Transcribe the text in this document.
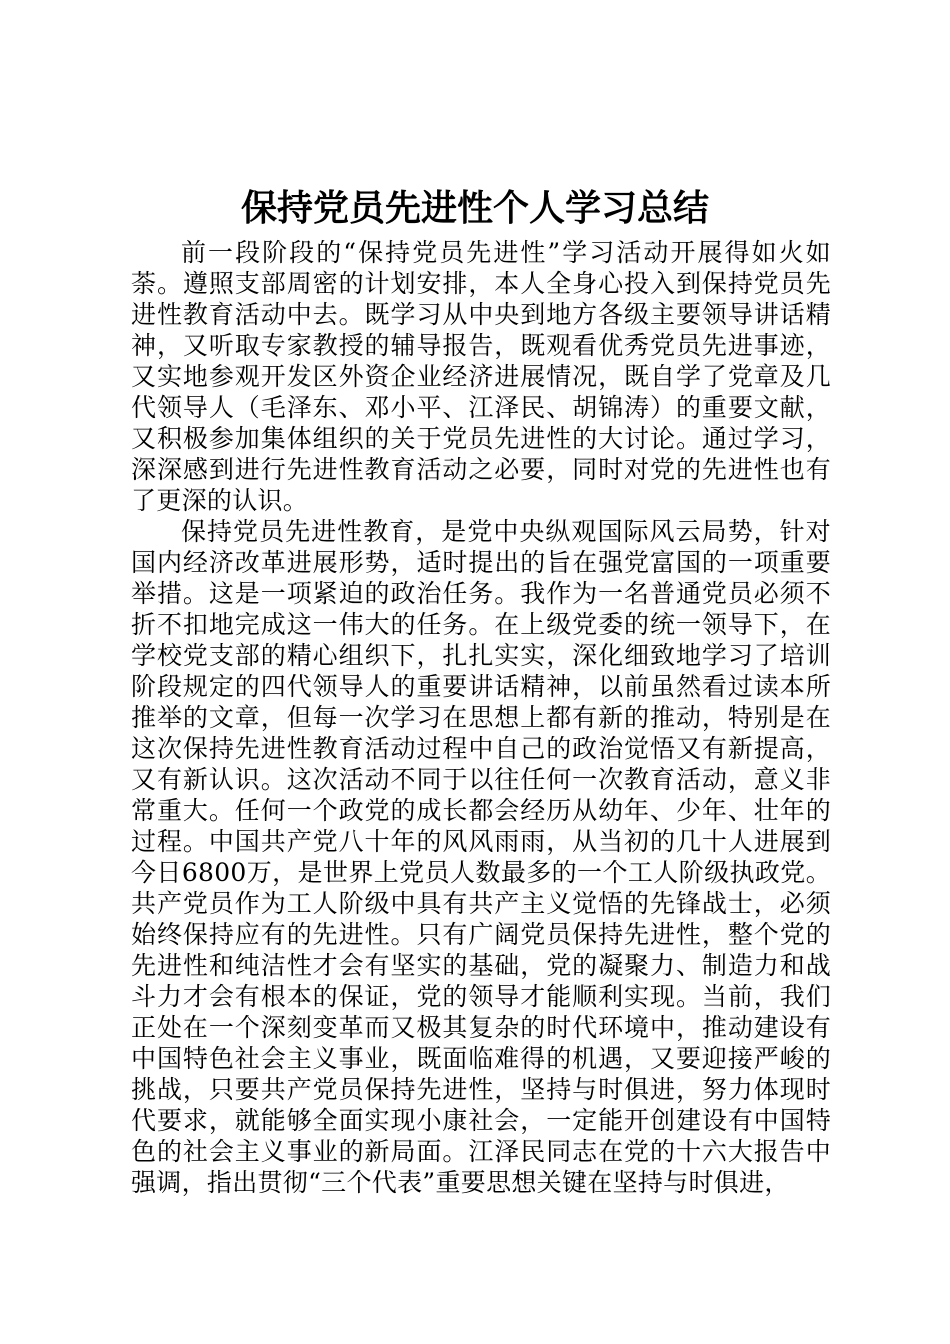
保持党员先进性个人学习总结

前一段阶段的“保持党员先进性”学习活动开展得如火如荼。遵照支部周密的计划安排，本人全身心投入到保持党员先进性教育活动中去。既学习从中央到地方各级主要领导讲话精神，又听取专家教授的辅导报告，既观看优秀党员先进事迹，又实地参观开发区外资企业经济进展情况，既自学了党章及几代领导人（毛泽东、邓小平、江泽民、胡锦涛）的重要文献，又积极参加集体组织的关于党员先进性的大讨论。通过学习，深深感到进行先进性教育活动之必要，同时对党的先进性也有了更深的认识。

保持党员先进性教育，是党中央纵观国际风云局势，针对国内经济改革进展形势，适时提出的旨在强党富国的一项重要举措。这是一项紧迫的政治任务。我作为一名普通党员必须不折不扣地完成这一伟大的任务。在上级党委的统一领导下，在学校党支部的精心组织下，扎扎实实，深化细致地学习了培训阶段规定的四代领导人的重要讲话精神，以前虽然看过读本所推举的文章，但每一次学习在思想上都有新的推动，特别是在这次保持先进性教育活动过程中自己的政治觉悟又有新提高，又有新认识。这次活动不同于以往任何一次教育活动，意义非常重大。任何一个政党的成长都会经历从幼年、少年、壮年的过程。中国共产党八十年的风风雨雨，从当初的几十人进展到今日6800万，是世界上党员人数最多的一个工人阶级执政党。共产党员作为工人阶级中具有共产主义觉悟的先锋战士，必须始终保持应有的先进性。只有广阔党员保持先进性，整个党的先进性和纯洁性才会有坚实的基础，党的凝聚力、制造力和战斗力才会有根本的保证，党的领导才能顺利实现。当前，我们正处在一个深刻变革而又极其复杂的时代环境中，推动建设有中国特色社会主义事业，既面临难得的机遇，又要迎接严峻的挑战，只要共产党员保持先进性，坚持与时俱进，努力体现时代要求，就能够全面实现小康社会，一定能开创建设有中国特色的社会主义事业的新局面。江泽民同志在党的十六大报告中强调，指出贯彻“三个代表”重要思想关键在坚持与时俱进，
